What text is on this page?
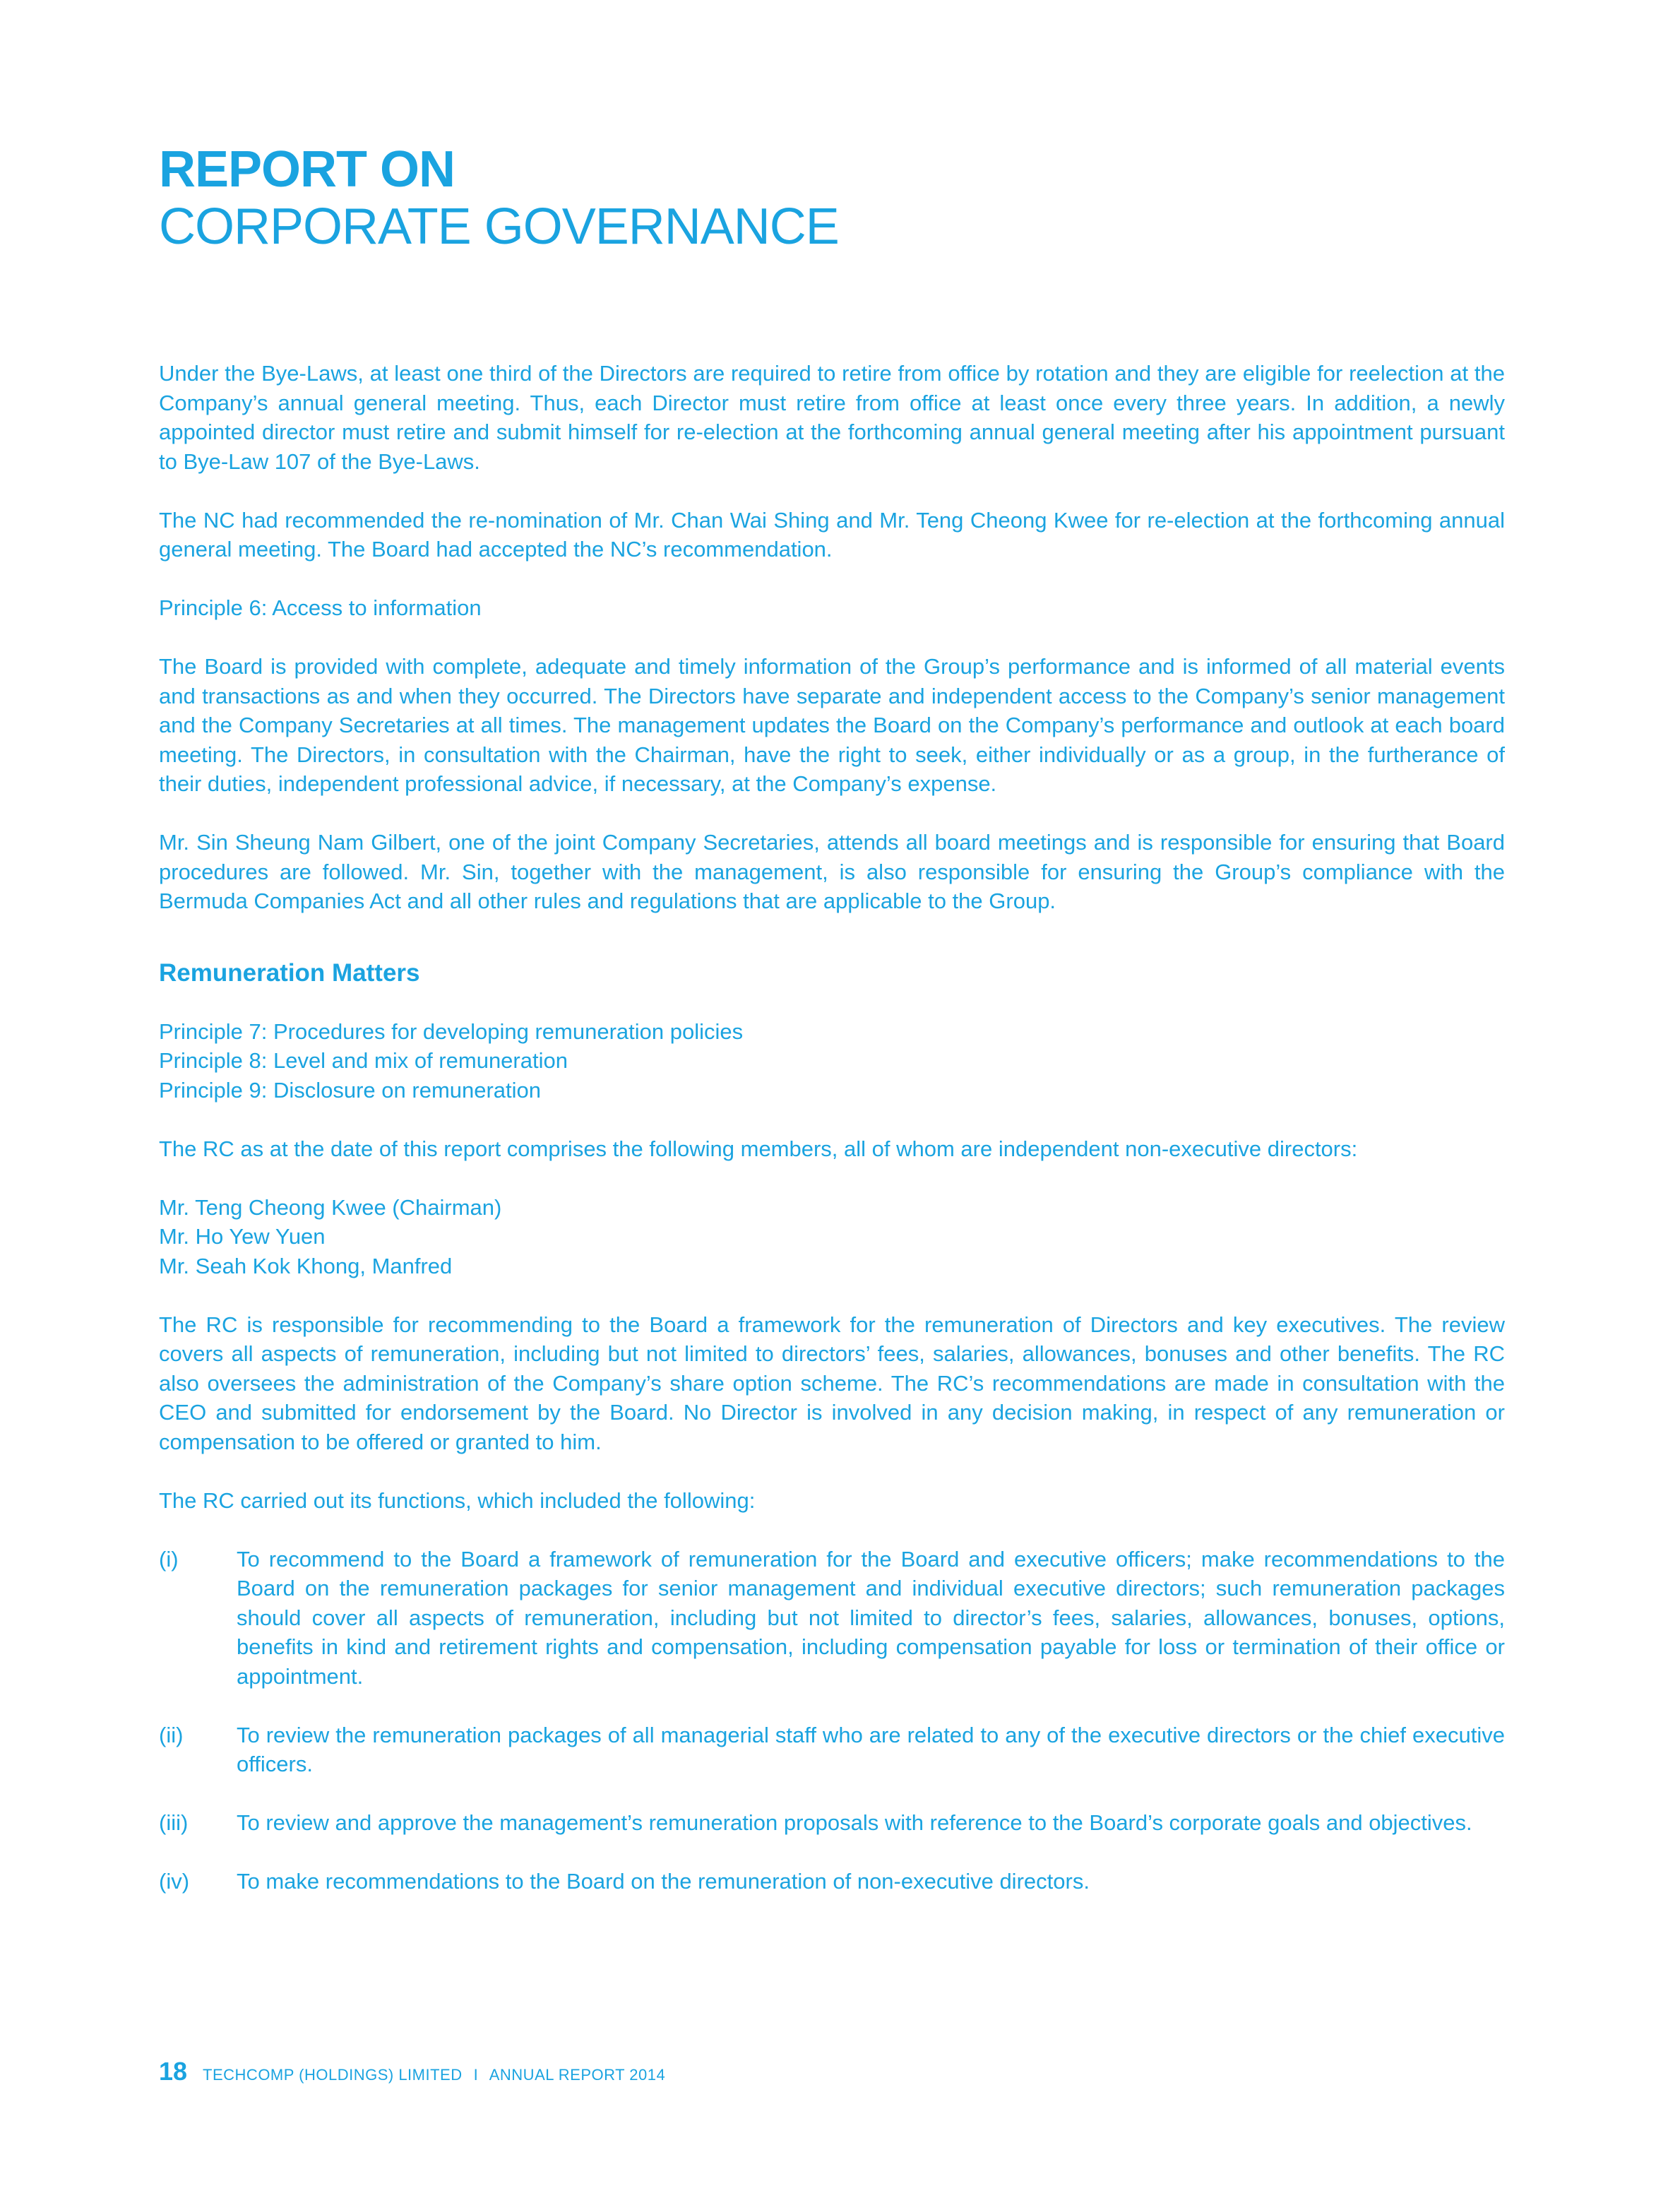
REPORT ON
CORPORATE GOVERNANCE

Under the Bye-Laws, at least one third of the Directors are required to retire from office by rotation and they are eligible for reelection at the Company’s annual general meeting. Thus, each Director must retire from office at least once every three years. In addition, a newly appointed director must retire and submit himself for re-election at the forthcoming annual general meeting after his appointment pursuant to Bye-Law 107 of the Bye-Laws.

The NC had recommended the re-nomination of Mr. Chan Wai Shing and Mr. Teng Cheong Kwee for re-election at the forthcoming annual general meeting. The Board had accepted the NC’s recommendation.

Principle 6: Access to information

The Board is provided with complete, adequate and timely information of the Group’s performance and is informed of all material events and transactions as and when they occurred. The Directors have separate and independent access to the Company’s senior management and the Company Secretaries at all times. The management updates the Board on the Company’s performance and outlook at each board meeting. The Directors, in consultation with the Chairman, have the right to seek, either individually or as a group, in the furtherance of their duties, independent professional advice, if necessary, at the Company’s expense.

Mr. Sin Sheung Nam Gilbert, one of the joint Company Secretaries, attends all board meetings and is responsible for ensuring that Board procedures are followed. Mr. Sin, together with the management, is also responsible for ensuring the Group’s compliance with the Bermuda Companies Act and all other rules and regulations that are applicable to the Group.

Remuneration Matters

Principle 7: Procedures for developing remuneration policies

Principle 8: Level and mix of remuneration

Principle 9: Disclosure on remuneration

The RC as at the date of this report comprises the following members, all of whom are independent non-executive directors:

Mr. Teng Cheong Kwee (Chairman)

Mr. Ho Yew Yuen

Mr. Seah Kok Khong, Manfred

The RC is responsible for recommending to the Board a framework for the remuneration of Directors and key executives. The review covers all aspects of remuneration, including but not limited to directors’ fees, salaries, allowances, bonuses and other benefits. The RC also oversees the administration of the Company’s share option scheme. The RC’s recommendations are made in consultation with the CEO and submitted for endorsement by the Board. No Director is involved in any decision making, in respect of any remuneration or compensation to be offered or granted to him.

The RC carried out its functions, which included the following:

(i)	To recommend to the Board a framework of remuneration for the Board and executive officers; make recommendations to the Board on the remuneration packages for senior management and individual executive directors; such remuneration packages should cover all aspects of remuneration, including but not limited to director’s fees, salaries, allowances, bonuses, options, benefits in kind and retirement rights and compensation, including compensation payable for loss or termination of their office or appointment.
(ii)	To review the remuneration packages of all managerial staff who are related to any of the executive directors or the chief executive officers.
(iii)	To review and approve the management’s remuneration proposals with reference to the Board’s corporate goals and objectives.
(iv)	To make recommendations to the Board on the remuneration of non-executive directors.
18 TECHCOMP (HOLDINGS) LIMITED I ANNUAL REPORT 2014
